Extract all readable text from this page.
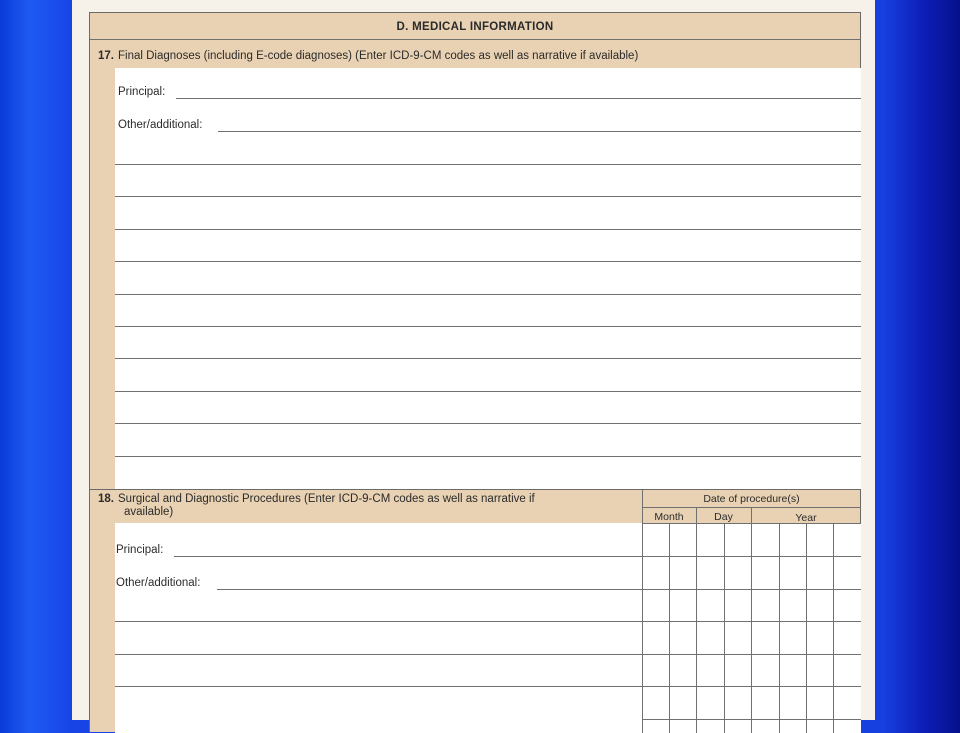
D. MEDICAL INFORMATION
17. Final Diagnoses (including E-code diagnoses) (Enter ICD-9-CM codes as well as narrative if available)
Principal:
Other/additional:
18. Surgical and Diagnostic Procedures (Enter ICD-9-CM codes as well as narrative if
available)
Principal:
Other/additional:
Date of procedure(s)
Month	Day	Year
